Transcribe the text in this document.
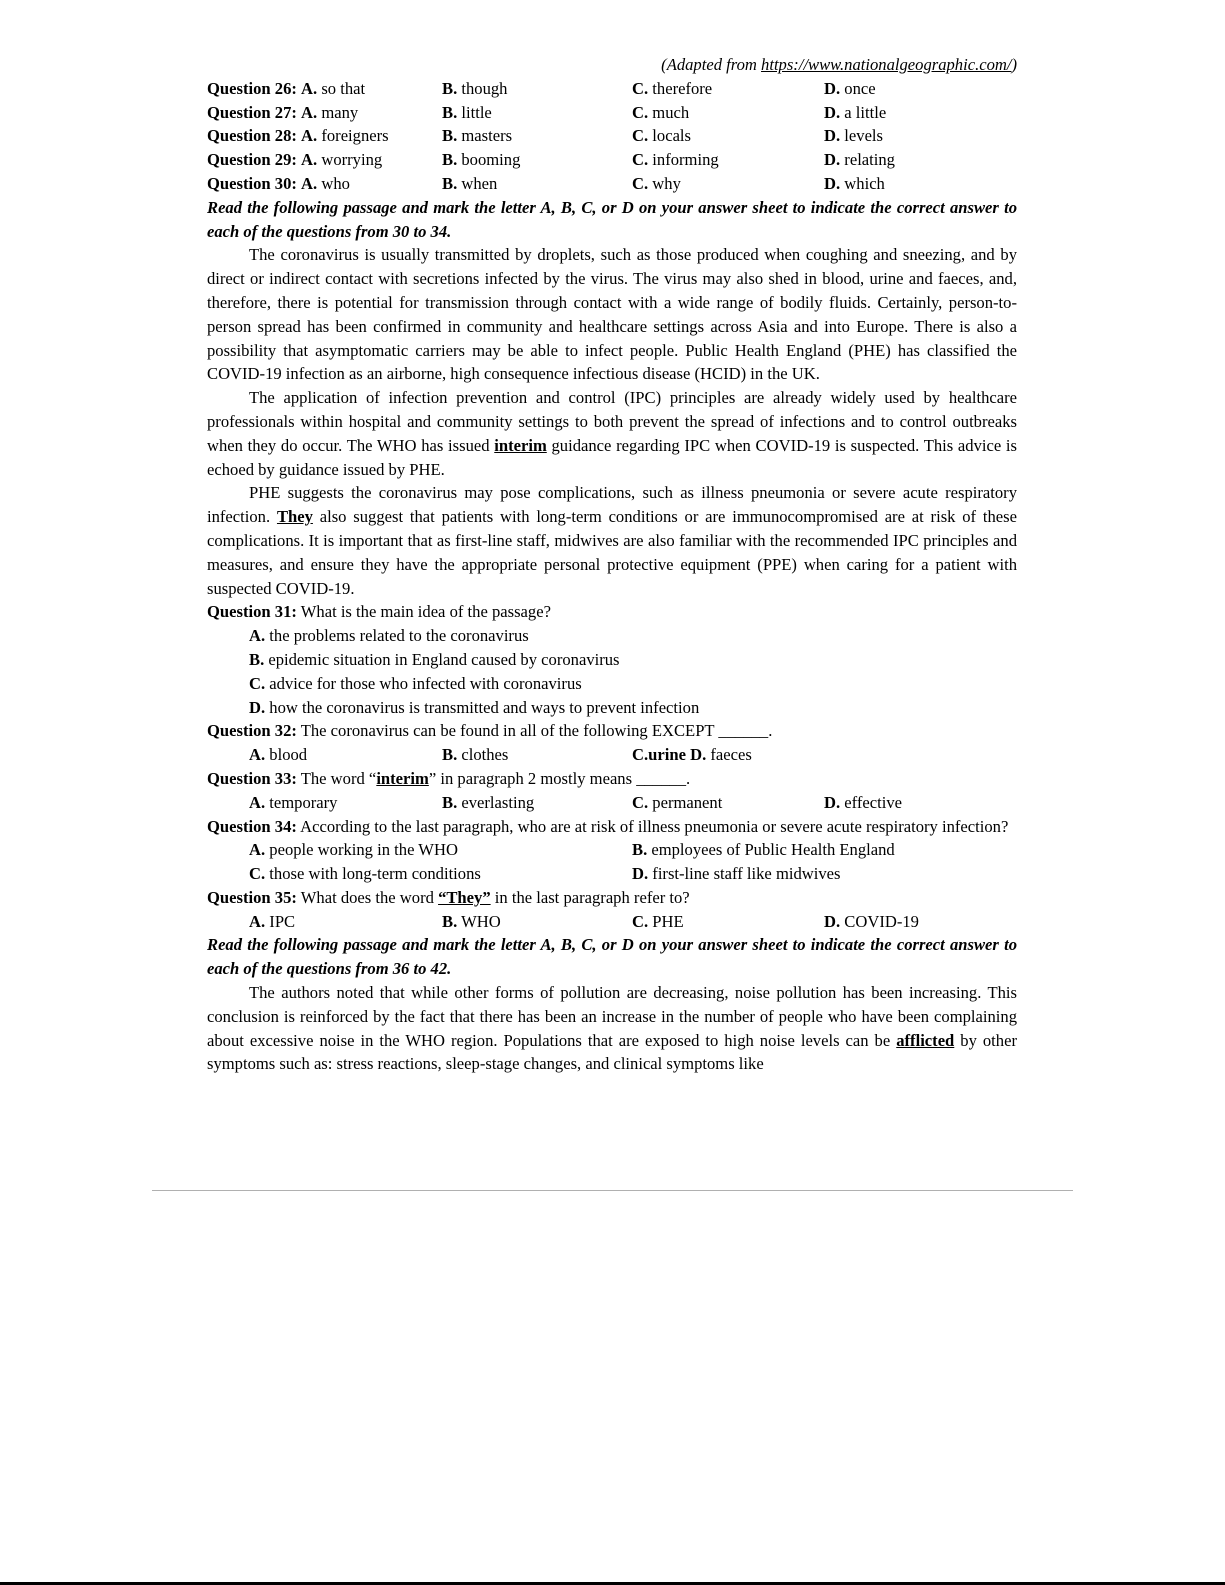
(Adapted from https://www.nationalgeographic.com/)
Question 26: A. so that	B. though	C. therefore	D. once
Question 27: A. many	B. little	C. much	D. a little
Question 28: A. foreigners	B. masters	C. locals	D. levels
Question 29: A. worrying	B. booming	C. informing	D. relating
Question 30: A. who	B. when	C. why	D. which
Read the following passage and mark the letter A, B, C, or D on your answer sheet to indicate the correct answer to each of the questions from 30 to 34.
The coronavirus is usually transmitted by droplets, such as those produced when coughing and sneezing, and by direct or indirect contact with secretions infected by the virus. The virus may also shed in blood, urine and faeces, and, therefore, there is potential for transmission through contact with a wide range of bodily fluids. Certainly, person-to-person spread has been confirmed in community and healthcare settings across Asia and into Europe. There is also a possibility that asymptomatic carriers may be able to infect people. Public Health England (PHE) has classified the COVID-19 infection as an airborne, high consequence infectious disease (HCID) in the UK.
The application of infection prevention and control (IPC) principles are already widely used by healthcare professionals within hospital and community settings to both prevent the spread of infections and to control outbreaks when they do occur. The WHO has issued interim guidance regarding IPC when COVID-19 is suspected. This advice is echoed by guidance issued by PHE.
PHE suggests the coronavirus may pose complications, such as illness pneumonia or severe acute respiratory infection. They also suggest that patients with long-term conditions or are immunocompromised are at risk of these complications. It is important that as first-line staff, midwives are also familiar with the recommended IPC principles and measures, and ensure they have the appropriate personal protective equipment (PPE) when caring for a patient with suspected COVID-19.
Question 31: What is the main idea of the passage?
A. the problems related to the coronavirus
B. epidemic situation in England caused by coronavirus
C. advice for those who infected with coronavirus
D. how the coronavirus is transmitted and ways to prevent infection
Question 32: The coronavirus can be found in all of the following EXCEPT ______.
A. blood	B. clothes	C.urine D. faeces
Question 33: The word “interim” in paragraph 2 mostly means ______.
A. temporary	B. everlasting	C. permanent	D. effective
Question 34: According to the last paragraph, who are at risk of illness pneumonia or severe acute respiratory infection?
A. people working in the WHO	B. employees of Public Health England
C. those with long-term conditions	D. first-line staff like midwives
Question 35: What does the word “They” in the last paragraph refer to?
A. IPC	B. WHO	C. PHE	D. COVID-19
Read the following passage and mark the letter A, B, C, or D on your answer sheet to indicate the correct answer to each of the questions from 36 to 42.
The authors noted that while other forms of pollution are decreasing, noise pollution has been increasing. This conclusion is reinforced by the fact that there has been an increase in the number of people who have been complaining about excessive noise in the WHO region. Populations that are exposed to high noise levels can be afflicted by other symptoms such as: stress reactions, sleep-stage changes, and clinical symptoms like
